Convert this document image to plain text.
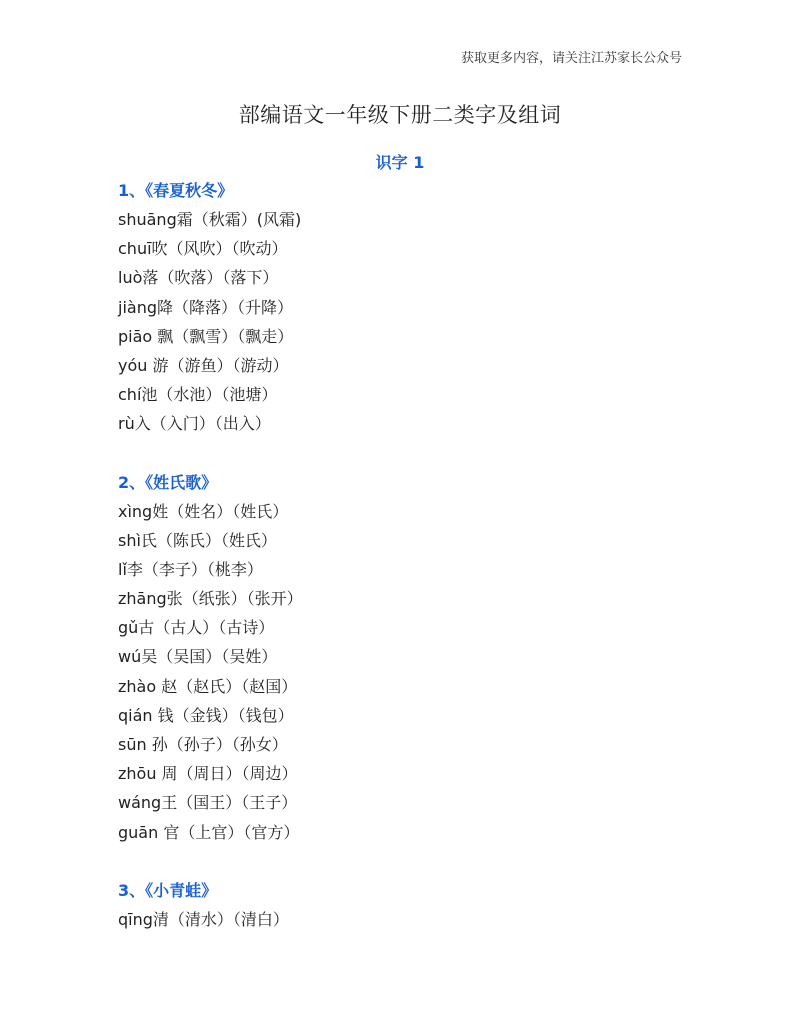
获取更多内容，请关注江苏家长公众号
部编语文一年级下册二类字及组词
识字 1
1、《春夏秋冬》
shuāng霜（秋霜）(风霜)
chuī吹（风吹）（吹动）
luò落（吹落）（落下）
jiàng降（降落）（升降）
piāo 飘（飘雪）（飘走）
yóu 游（游鱼）（游动）
chí池（水池）（池塘）
rù入（入门）（出入）
2、《姓氏歌》
xìng姓（姓名）（姓氏）
shì氏（陈氏）（姓氏）
lǐ李（李子）（桃李）
zhāng张（纸张）（张开）
gǔ古（古人）（古诗）
wú吴（吴国）（吴姓）
zhào 赵（赵氏）（赵国）
qián 钱（金钱）（钱包）
sūn 孙（孙子）（孙女）
zhōu 周（周日）（周边）
wáng王（国王）（王子）
guān 官（上官）（官方）
3、《小青蛙》
qīng清（清水）（清白）
